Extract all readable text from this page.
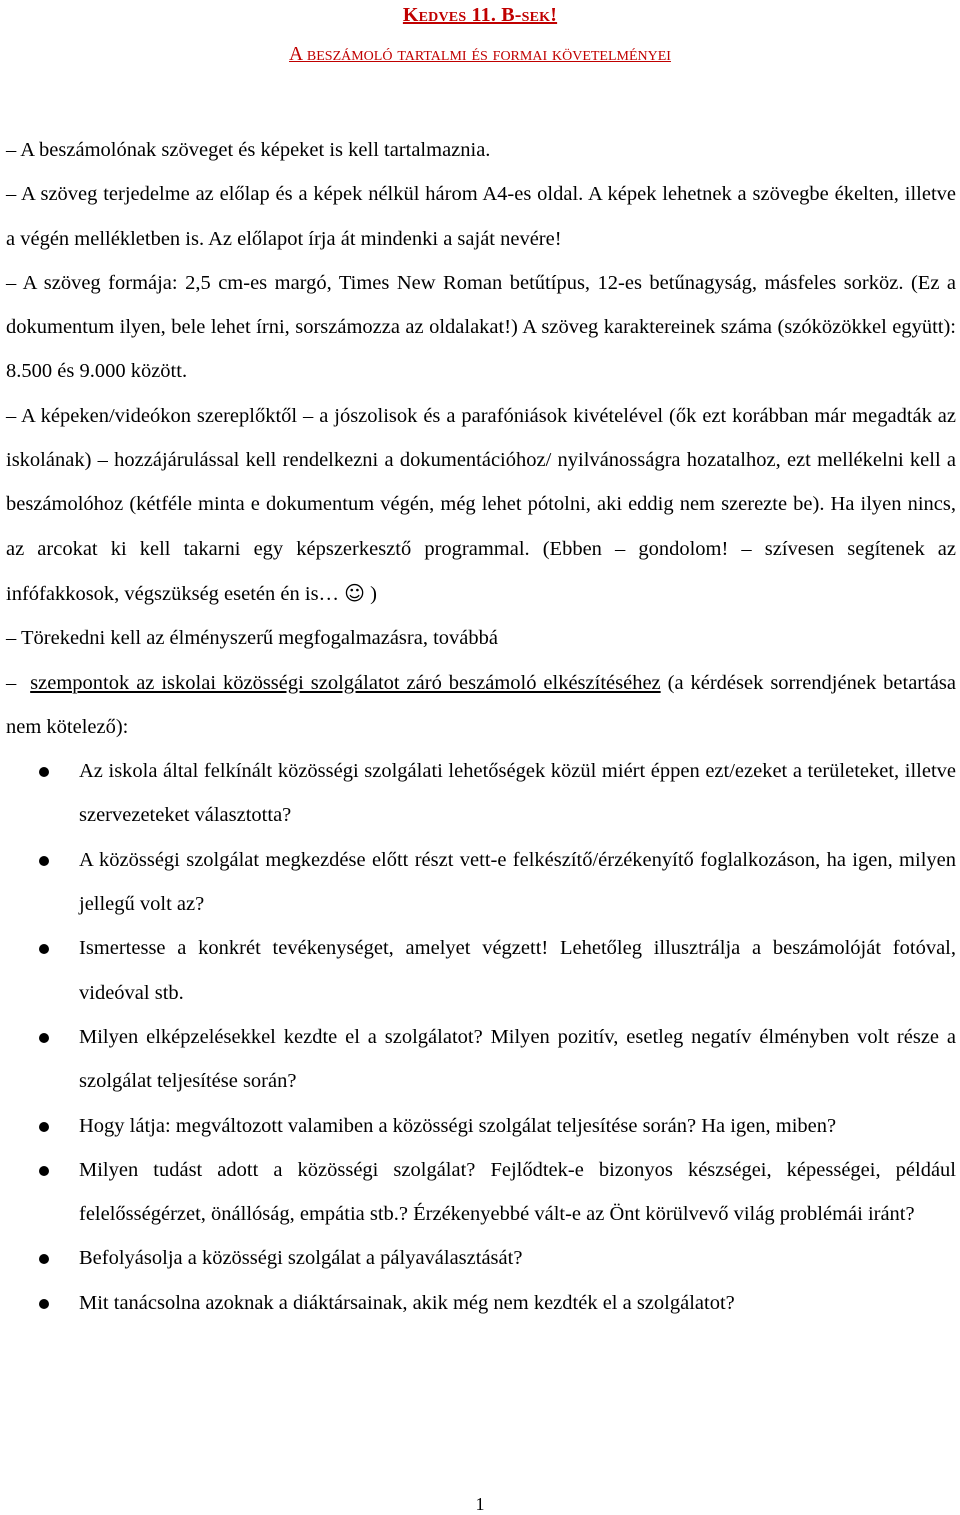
Kedves 11. B-sek!
A beszámoló tartalmi és formai követelményei

– A beszámolónak szöveget és képeket is kell tartalmaznia.

– A szöveg terjedelme az előlap és a képek nélkül három A4-es oldal. A képek lehetnek a szövegbe ékelten, illetve a végén mellékletben is. Az előlapot írja át mindenki a saját nevére!

– A szöveg formája: 2,5 cm-es margó, Times New Roman betűtípus, 12-es betűnagyság, másfeles sorköz. (Ez a dokumentum ilyen, bele lehet írni, sorszámozza az oldalakat!) A szöveg karaktereinek száma (szóközökkel együtt): 8.500 és 9.000 között.

– A képeken/videókon szereplőktől – a jószolisok és a parafóniások kivételével (ők ezt korábban már megadták az iskolának) – hozzájárulással kell rendelkezni a dokumentációhoz/ nyilvánosságra hozatalhoz, ezt mellékelni kell a beszámolóhoz (kétféle minta e dokumentum végén, még lehet pótolni, aki eddig nem szerezte be). Ha ilyen nincs, az arcokat ki kell takarni egy képszerkesztő programmal. (Ebben – gondolom! – szívesen segítenek az infófakkosok, végszükség esetén én is… ☺ )

– Törekedni kell az élményszerű megfogalmazásra, továbbá

– szempontok az iskolai közösségi szolgálatot záró beszámoló elkészítéséhez (a kérdések sorrendjének betartása nem kötelező):

Az iskola által felkínált közösségi szolgálati lehetőségek közül miért éppen ezt/ezeket a területeket, illetve szervezeteket választotta?
A közösségi szolgálat megkezdése előtt részt vett-e felkészítő/érzékenyítő foglalkozáson, ha igen, milyen jellegű volt az?
Ismertesse a konkrét tevékenységet, amelyet végzett! Lehetőleg illusztrálja a beszámolóját fotóval, videóval stb.
Milyen elképzelésekkel kezdte el a szolgálatot? Milyen pozitív, esetleg negatív élményben volt része a szolgálat teljesítése során?
Hogy látja: megváltozott valamiben a közösségi szolgálat teljesítése során? Ha igen, miben?
Milyen tudást adott a közösségi szolgálat? Fejlődtek-e bizonyos készségei, képességei, például felelősségérzet, önállóság, empátia stb.? Érzékenyebbé vált-e az Önt körülvevő világ problémái iránt?
Befolyásolja a közösségi szolgálat a pályaválasztását?
Mit tanácsolna azoknak a diáktársainak, akik még nem kezdték el a szolgálatot?
1
